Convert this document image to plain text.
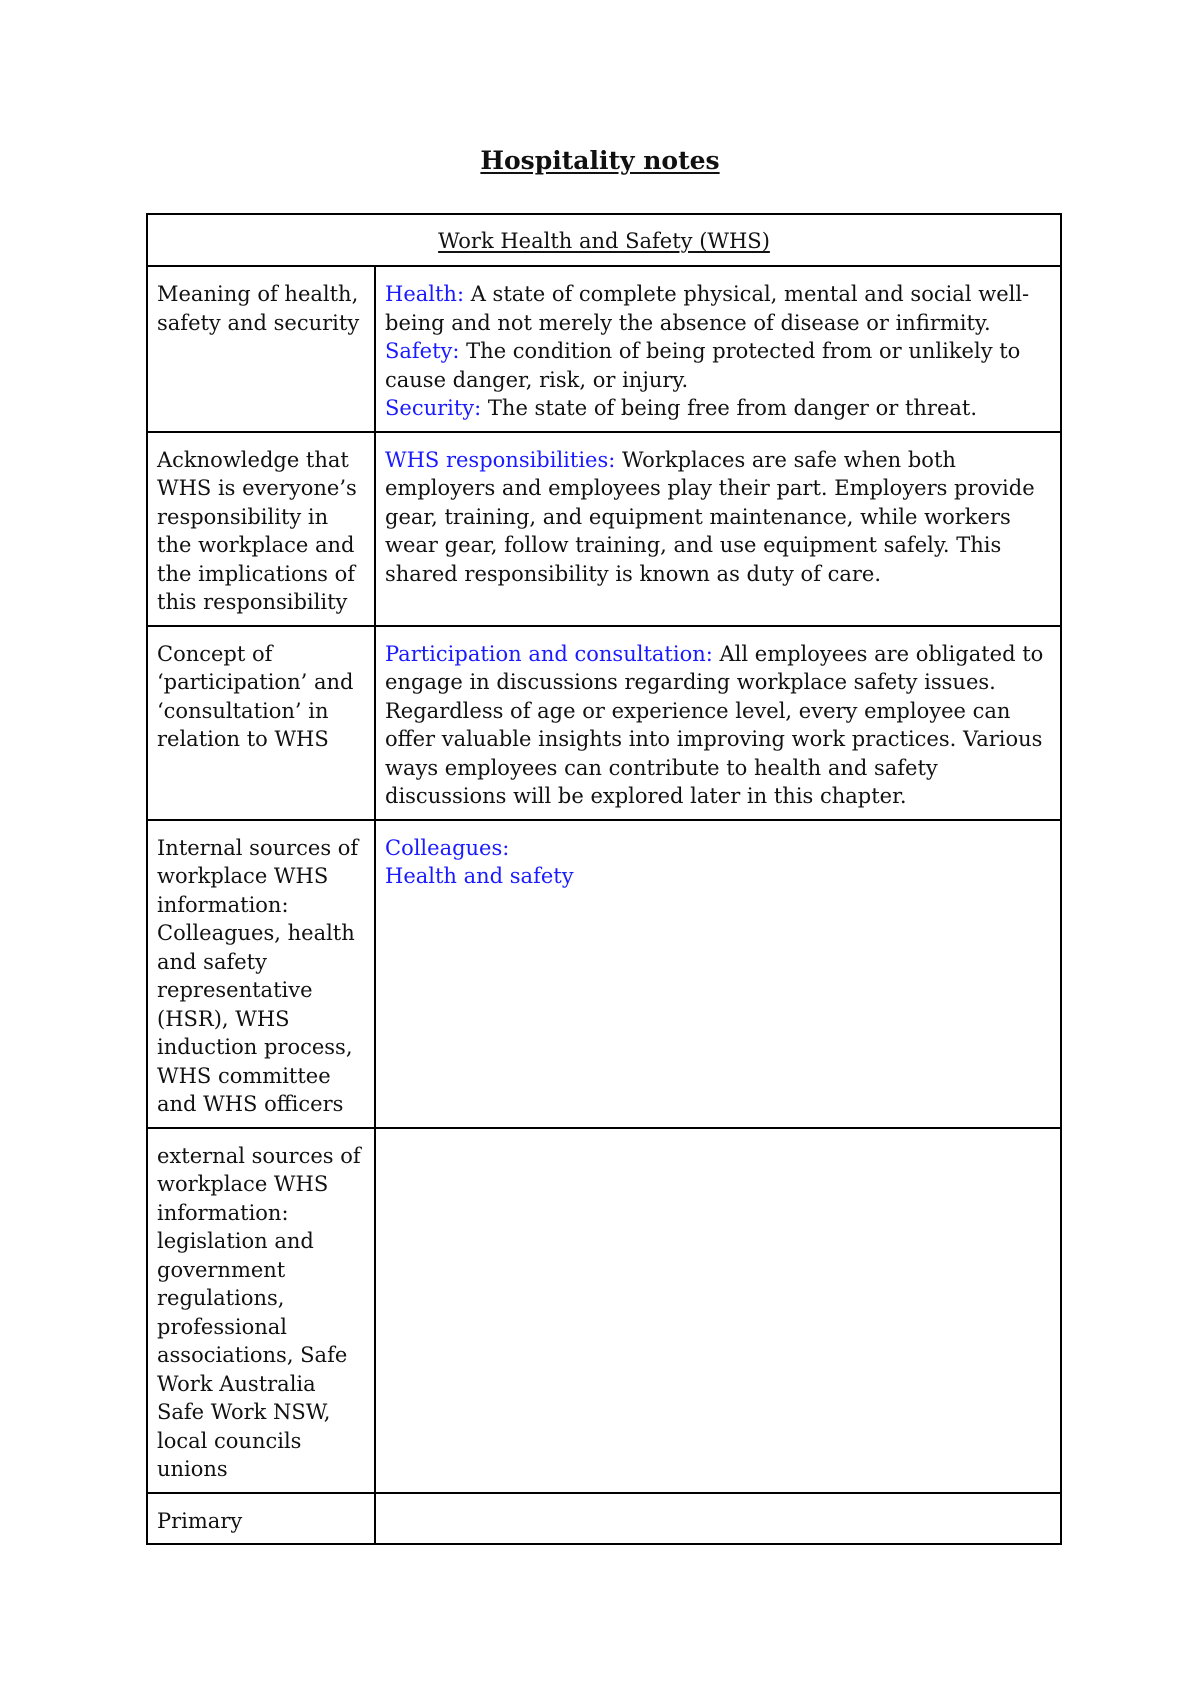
Hospitality notes
Work Health and Safety (WHS)	
Meaning of health, safety and security	Health: A state of complete physical, mental and social well-being and not merely the absence of disease or infirmity.
Safety: The condition of being protected from or unlikely to cause danger, risk, or injury.
Security: The state of being free from danger or threat.

Acknowledge that WHS is everyone’s responsibility in the workplace and the implications of this responsibility	WHS responsibilities: Workplaces are safe when both employers and employees play their part. Employers provide gear, training, and equipment maintenance, while workers wear gear, follow training, and use equipment safely. This shared responsibility is known as duty of care.

Concept of ‘participation’ and ‘consultation’ in relation to WHS	Participation and consultation: All employees are obligated to engage in discussions regarding workplace safety issues. Regardless of age or experience level, every employee can offer valuable insights into improving work practices. Various ways employees can contribute to health and safety discussions will be explored later in this chapter.

Internal sources of workplace WHS information: Colleagues, health and safety representative (HSR), WHS induction process, WHS committee and WHS officers	Colleagues:
Health and safety

external sources of workplace WHS information: legislation and government regulations, professional associations, Safe Work Australia Safe Work NSW, local councils unions	
Primary	
